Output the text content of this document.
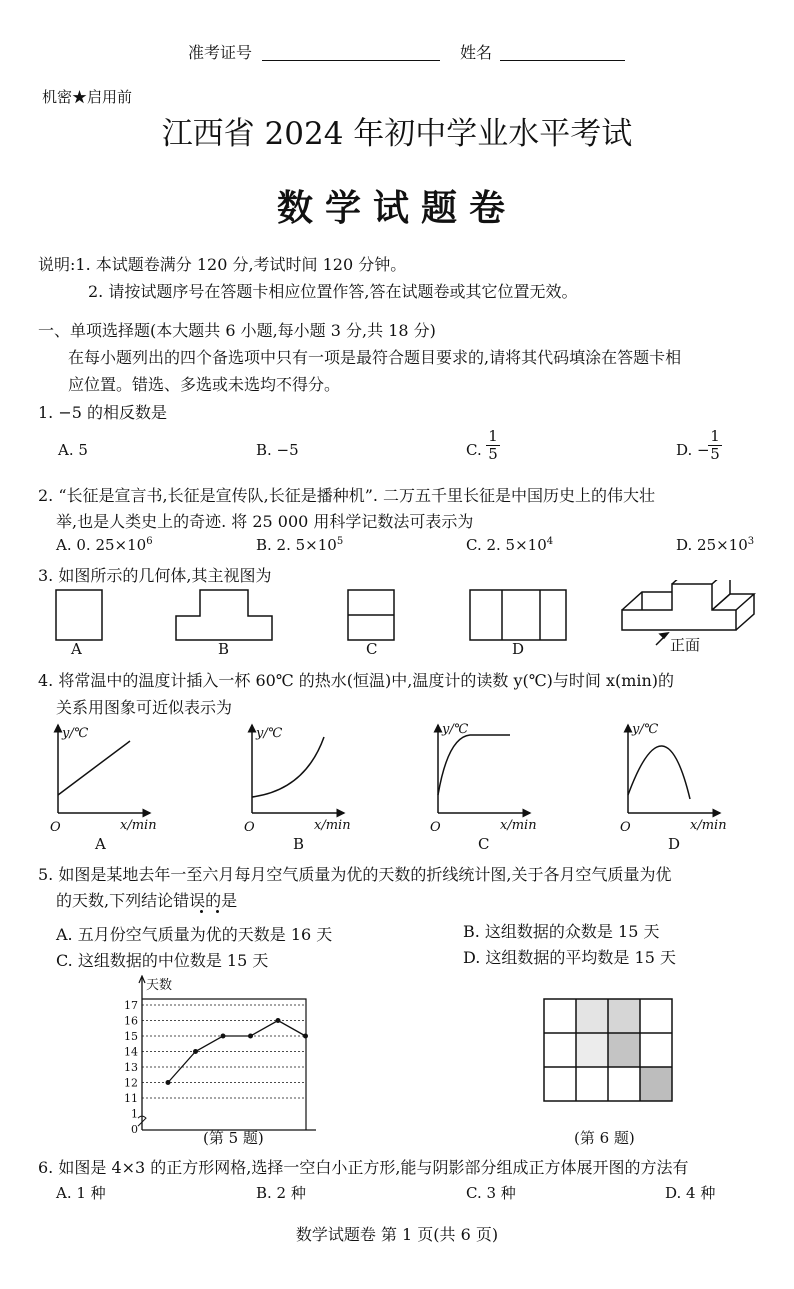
准考证号	姓名
机密★启用前
江西省 2024 年初中学业水平考试
数学试题卷
说明:1. 本试题卷满分 120 分,考试时间 120 分钟。
2. 请按试题序号在答题卡相应位置作答,答在试题卷或其它位置无效。
一、单项选择题(本大题共 6 小题,每小题 3 分,共 18 分)
在每小题列出的四个备选项中只有一项是最符合题目要求的,请将其代码填涂在答题卡相
应位置。错选、多选或未选均不得分。
1. −5 的相反数是
A. 5	B. −5	C. $\frac{1}{5}$	D. −
$\frac{1}{5}$
2. “长征是宣言书,长征是宣传队,长征是播种机”. 二万五千里长征是中国历史上的伟大壮
举,也是人类史上的奇迹. 将 25 000 用科学记数法可表示为
A. 0. $25\times 10^6$	B. 2. $5\times 10^5$	C. 2. $5\times 10^4$	D. $25\times 10^3$
3. 如图所示的几何体,其主视图为
正面
A	B	C	D
4. 将常温中的温度计插入一杯 60℃ 的热水(恒温)中,温度计的读数 y(℃)与时间 x(min)的
关系用图象可近似表示为
y/℃
x/min
O
y/℃
x/min
O
y/℃
x/min
O
y/℃
x/min
O
A	B	C	D
5. 如图是某地去年一至六月每月空气质量为优的天数的折线统计图,关于各月空气质量为优
的天数,下列结论错误的是
A. 五月份空气质量为优的天数是 16 天	B. 这组数据的众数是 15 天
C. 这组数据的中位数是 15 天	D. 这组数据的平均数是 15 天
0
1
11
12
13
14
15
16
17
天数
(第 5 题)	(第 6 题)
6. 如图是 4×3 的正方形网格,选择一空白小正方形,能与阴影部分组成正方体展开图的方法有
A. 1 种	B. 2 种	C. 3 种	D. 4 种
数学试题卷 第 1 页(共 6 页)
